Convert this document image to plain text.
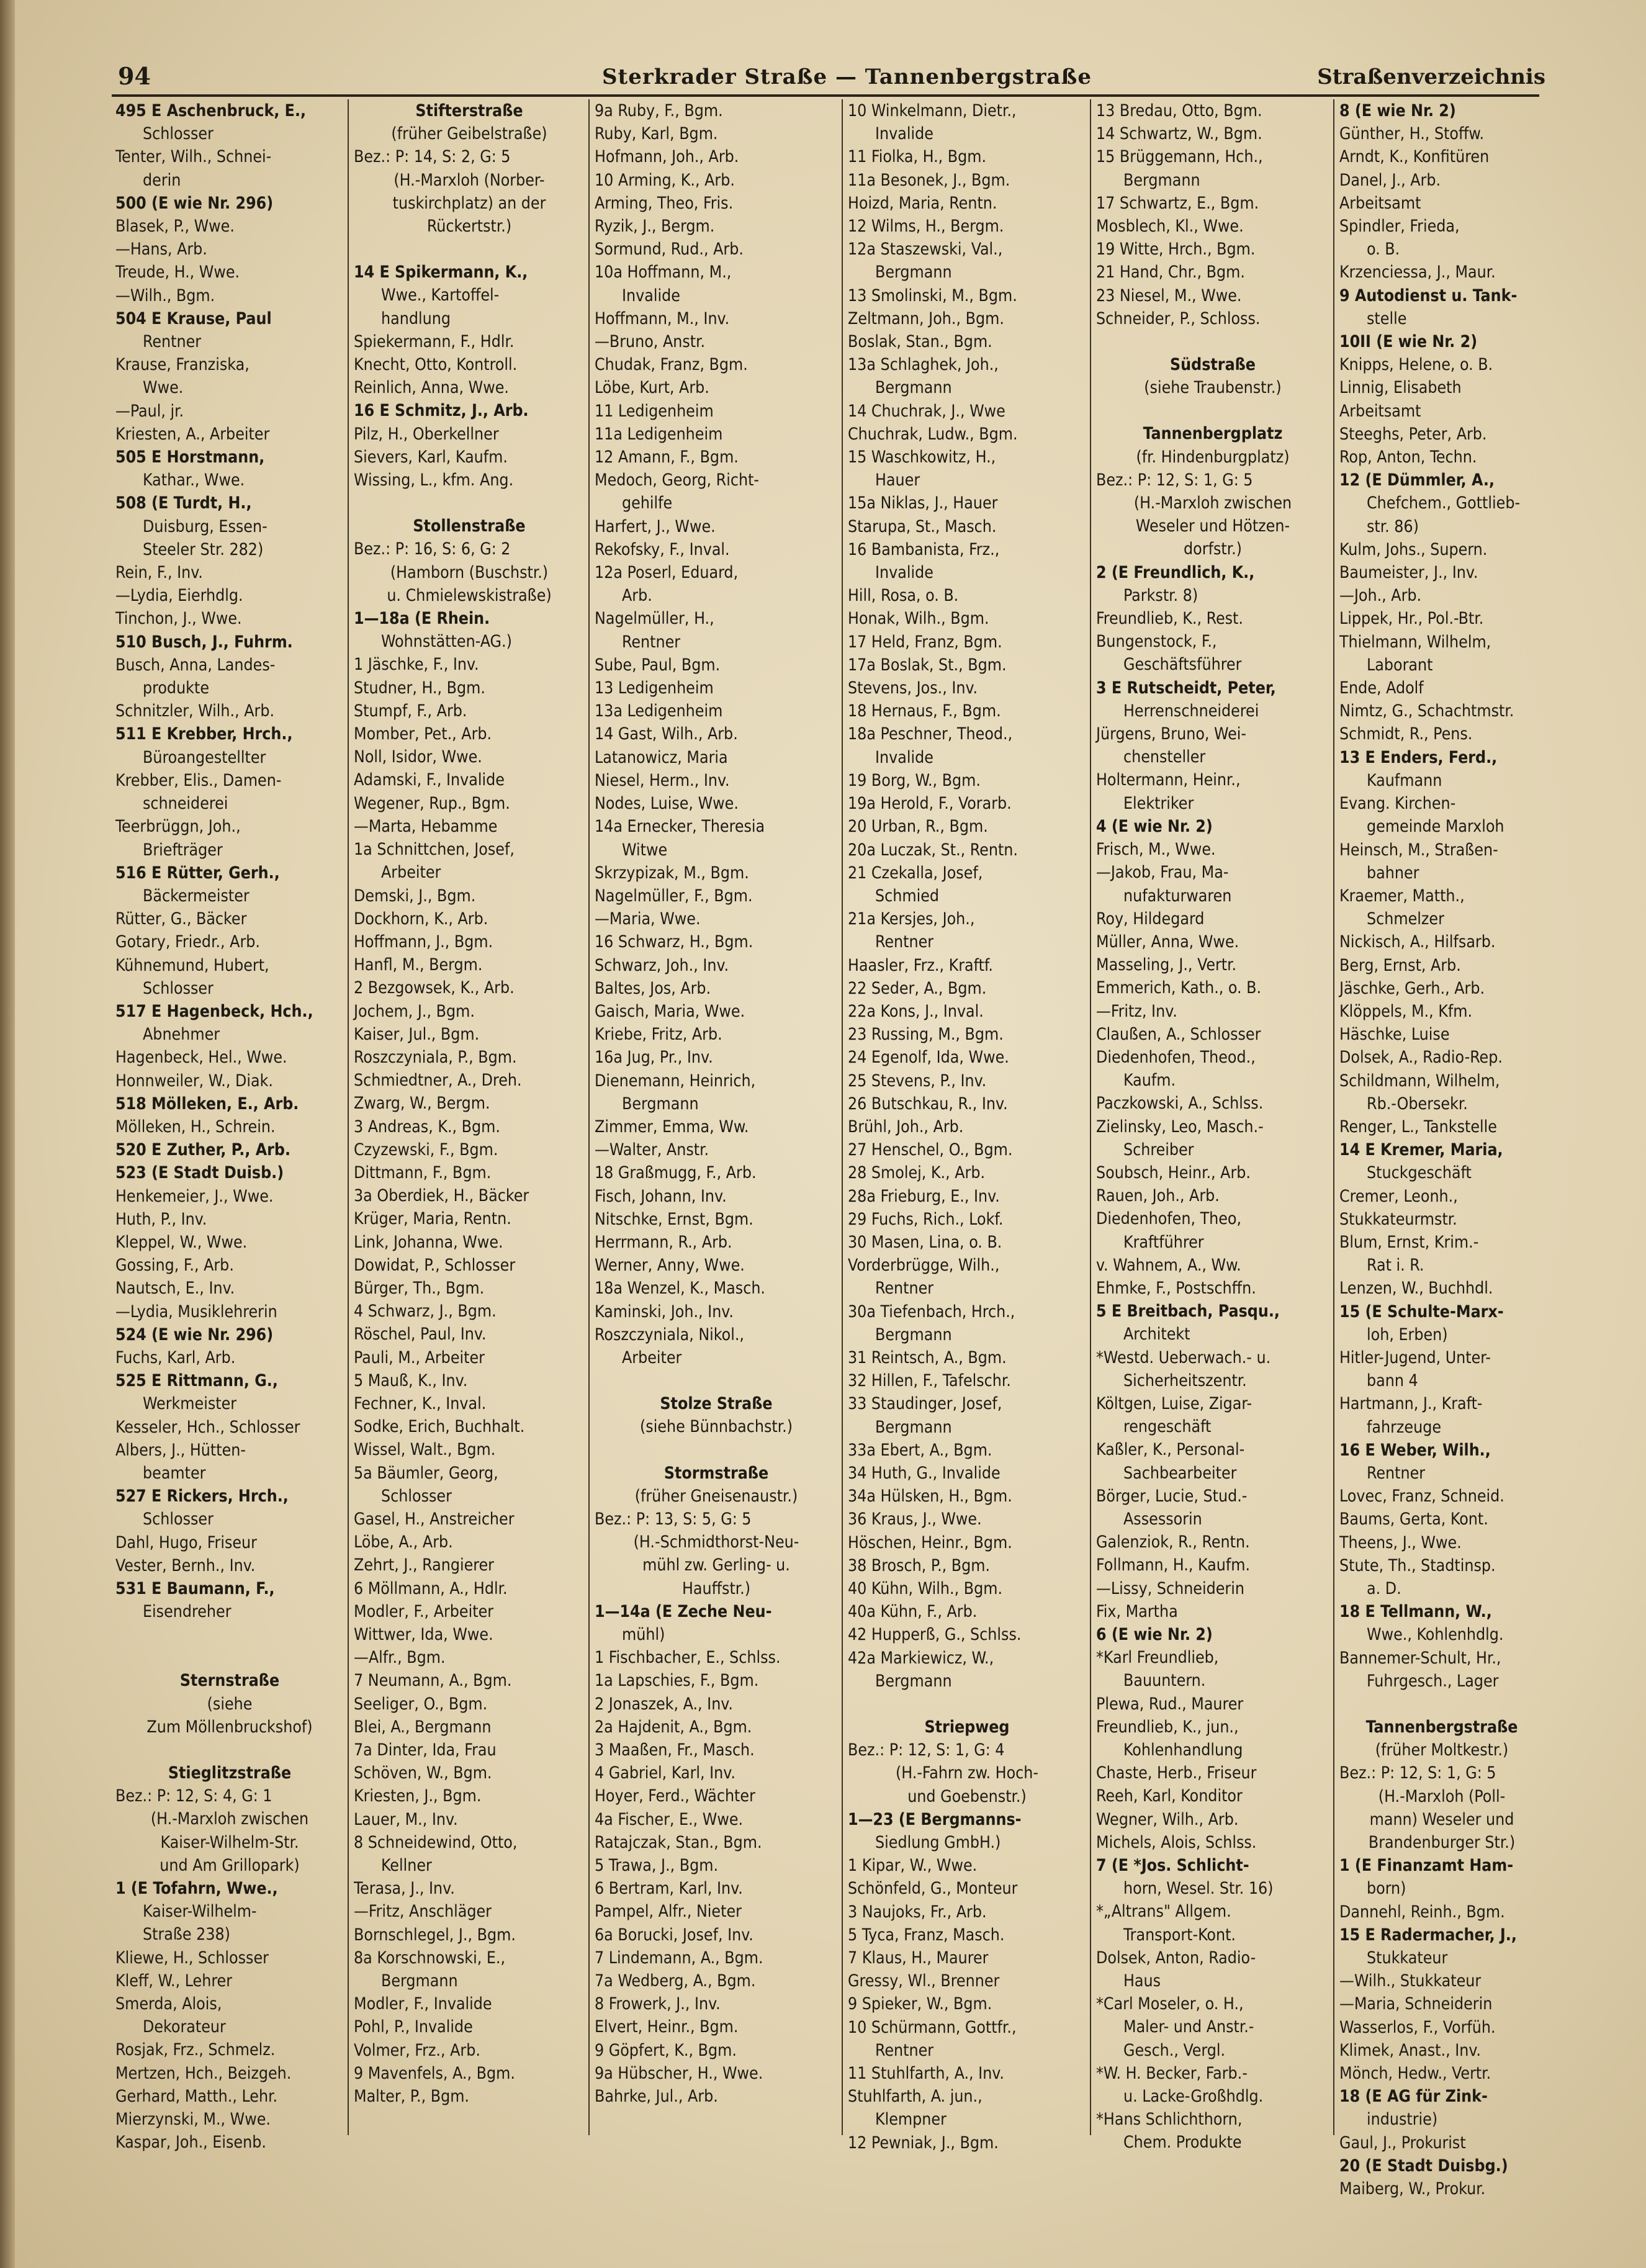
94	Sterkrader Straße — Tannenbergstraße	Straßenverzeichnis
495 E Aschenbruck, E.,
Schlosser
Tenter, Wilh., Schnei-
derin
500 (E wie Nr. 296)
Blasek, P., Wwe.
—Hans, Arb.
Treude, H., Wwe.
—Wilh., Bgm.
504 E Krause, Paul
Rentner
Krause, Franziska,
Wwe.
—Paul, jr.
Kriesten, A., Arbeiter
505 E Horstmann,
Kathar., Wwe.
508 (E Turdt, H.,
Duisburg, Essen-
Steeler Str. 282)
Rein, F., Inv.
—Lydia, Eierhdlg.
Tinchon, J., Wwe.
510 Busch, J., Fuhrm.
Busch, Anna, Landes-
produkte
Schnitzler, Wilh., Arb.
511 E Krebber, Hrch.,
Büroangestellter
Krebber, Elis., Damen-
schneiderei
Teerbrüggn, Joh.,
Briefträger
516 E Rütter, Gerh.,
Bäckermeister
Rütter, G., Bäcker
Gotary, Friedr., Arb.
Kühnemund, Hubert,
Schlosser
517 E Hagenbeck, Hch.,
Abnehmer
Hagenbeck, Hel., Wwe.
Honnweiler, W., Diak.
518 Mölleken, E., Arb.
Mölleken, H., Schrein.
520 E Zuther, P., Arb.
523 (E Stadt Duisb.)
Henkemeier, J., Wwe.
Huth, P., Inv.
Kleppel, W., Wwe.
Gossing, F., Arb.
Nautsch, E., Inv.
—Lydia, Musiklehrerin
524 (E wie Nr. 296)
Fuchs, Karl, Arb.
525 E Rittmann, G.,
Werkmeister
Kesseler, Hch., Schlosser
Albers, J., Hütten-
beamter
527 E Rickers, Hrch.,
Schlosser
Dahl, Hugo, Friseur
Vester, Bernh., Inv.
531 E Baumann, F.,
Eisendreher
Sternstraße
(siehe
Zum Möllenbruckshof)
Stieglitzstraße
Bez.: P: 12, S: 4, G: 1
(H.-Marxloh zwischen
Kaiser-Wilhelm-Str.
und Am Grillopark)
1 (E Tofahrn, Wwe.,
Kaiser-Wilhelm-
Straße 238)
Kliewe, H., Schlosser
Kleff, W., Lehrer
Smerda, Alois,
Dekorateur
Rosjak, Frz., Schmelz.
Mertzen, Hch., Beizgeh.
Gerhard, Matth., Lehr.
Mierzynski, M., Wwe.
Kaspar, Joh., Eisenb.
Stifterstraße
(früher Geibelstraße)
Bez.: P: 14, S: 2, G: 5
(H.-Marxloh (Norber-
tuskirchplatz) an der
Rückertstr.)
14 E Spikermann, K.,
Wwe., Kartoffel-
handlung
Spiekermann, F., Hdlr.
Knecht, Otto, Kontroll.
Reinlich, Anna, Wwe.
16 E Schmitz, J., Arb.
Pilz, H., Oberkellner
Sievers, Karl, Kaufm.
Wissing, L., kfm. Ang.
Stollenstraße
Bez.: P: 16, S: 6, G: 2
(Hamborn (Buschstr.)
u. Chmielewskistraße)
1—18a (E Rhein.
Wohnstätten-AG.)
1 Jäschke, F., Inv.
Studner, H., Bgm.
Stumpf, F., Arb.
Momber, Pet., Arb.
Noll, Isidor, Wwe.
Adamski, F., Invalide
Wegener, Rup., Bgm.
—Marta, Hebamme
1a Schnittchen, Josef,
Arbeiter
Demski, J., Bgm.
Dockhorn, K., Arb.
Hoffmann, J., Bgm.
Hanfl, M., Bergm.
2 Bezgowsek, K., Arb.
Jochem, J., Bgm.
Kaiser, Jul., Bgm.
Roszczyniala, P., Bgm.
Schmiedtner, A., Dreh.
Zwarg, W., Bergm.
3 Andreas, K., Bgm.
Czyzewski, F., Bgm.
Dittmann, F., Bgm.
3a Oberdiek, H., Bäcker
Krüger, Maria, Rentn.
Link, Johanna, Wwe.
Dowidat, P., Schlosser
Bürger, Th., Bgm.
4 Schwarz, J., Bgm.
Röschel, Paul, Inv.
Pauli, M., Arbeiter
5 Mauß, K., Inv.
Fechner, K., Inval.
Sodke, Erich, Buchhalt.
Wissel, Walt., Bgm.
5a Bäumler, Georg,
Schlosser
Gasel, H., Anstreicher
Löbe, A., Arb.
Zehrt, J., Rangierer
6 Möllmann, A., Hdlr.
Modler, F., Arbeiter
Wittwer, Ida, Wwe.
—Alfr., Bgm.
7 Neumann, A., Bgm.
Seeliger, O., Bgm.
Blei, A., Bergmann
7a Dinter, Ida, Frau
Schöven, W., Bgm.
Kriesten, J., Bgm.
Lauer, M., Inv.
8 Schneidewind, Otto,
Kellner
Terasa, J., Inv.
—Fritz, Anschläger
Bornschlegel, J., Bgm.
8a Korschnowski, E.,
Bergmann
Modler, F., Invalide
Pohl, P., Invalide
Volmer, Frz., Arb.
9 Mavenfels, A., Bgm.
Malter, P., Bgm.
9a Ruby, F., Bgm.
Ruby, Karl, Bgm.
Hofmann, Joh., Arb.
10 Arming, K., Arb.
Arming, Theo, Fris.
Ryzik, J., Bergm.
Sormund, Rud., Arb.
10a Hoffmann, M.,
Invalide
Hoffmann, M., Inv.
—Bruno, Anstr.
Chudak, Franz, Bgm.
Löbe, Kurt, Arb.
11 Ledigenheim
11a Ledigenheim
12 Amann, F., Bgm.
Medoch, Georg, Richt-
gehilfe
Harfert, J., Wwe.
Rekofsky, F., Inval.
12a Poserl, Eduard,
Arb.
Nagelmüller, H.,
Rentner
Sube, Paul, Bgm.
13 Ledigenheim
13a Ledigenheim
14 Gast, Wilh., Arb.
Latanowicz, Maria
Niesel, Herm., Inv.
Nodes, Luise, Wwe.
14a Ernecker, Theresia
Witwe
Skrzypizak, M., Bgm.
Nagelmüller, F., Bgm.
—Maria, Wwe.
16 Schwarz, H., Bgm.
Schwarz, Joh., Inv.
Baltes, Jos, Arb.
Gaisch, Maria, Wwe.
Kriebe, Fritz, Arb.
16a Jug, Pr., Inv.
Dienemann, Heinrich,
Bergmann
Zimmer, Emma, Ww.
—Walter, Anstr.
18 Graßmugg, F., Arb.
Fisch, Johann, Inv.
Nitschke, Ernst, Bgm.
Herrmann, R., Arb.
Werner, Anny, Wwe.
18a Wenzel, K., Masch.
Kaminski, Joh., Inv.
Roszczyniala, Nikol.,
Arbeiter
Stolze Straße
(siehe Bünnbachstr.)
Stormstraße
(früher Gneisenaustr.)
Bez.: P: 13, S: 5, G: 5
(H.-Schmidthorst-Neu-
mühl zw. Gerling- u.
Hauffstr.)
1—14a (E Zeche Neu-
mühl)
1 Fischbacher, E., Schlss.
1a Lapschies, F., Bgm.
2 Jonaszek, A., Inv.
2a Hajdenit, A., Bgm.
3 Maaßen, Fr., Masch.
4 Gabriel, Karl, Inv.
Hoyer, Ferd., Wächter
4a Fischer, E., Wwe.
Ratajczak, Stan., Bgm.
5 Trawa, J., Bgm.
6 Bertram, Karl, Inv.
Pampel, Alfr., Nieter
6a Borucki, Josef, Inv.
7 Lindemann, A., Bgm.
7a Wedberg, A., Bgm.
8 Frowerk, J., Inv.
Elvert, Heinr., Bgm.
9 Göpfert, K., Bgm.
9a Hübscher, H., Wwe.
Bahrke, Jul., Arb.
10 Winkelmann, Dietr.,
Invalide
11 Fiolka, H., Bgm.
11a Besonek, J., Bgm.
Hoizd, Maria, Rentn.
12 Wilms, H., Bergm.
12a Staszewski, Val.,
Bergmann
13 Smolinski, M., Bgm.
Zeltmann, Joh., Bgm.
Boslak, Stan., Bgm.
13a Schlaghek, Joh.,
Bergmann
14 Chuchrak, J., Wwe
Chuchrak, Ludw., Bgm.
15 Waschkowitz, H.,
Hauer
15a Niklas, J., Hauer
Starupa, St., Masch.
16 Bambanista, Frz.,
Invalide
Hill, Rosa, o. B.
Honak, Wilh., Bgm.
17 Held, Franz, Bgm.
17a Boslak, St., Bgm.
Stevens, Jos., Inv.
18 Hernaus, F., Bgm.
18a Peschner, Theod.,
Invalide
19 Borg, W., Bgm.
19a Herold, F., Vorarb.
20 Urban, R., Bgm.
20a Luczak, St., Rentn.
21 Czekalla, Josef,
Schmied
21a Kersjes, Joh.,
Rentner
Haasler, Frz., Kraftf.
22 Seder, A., Bgm.
22a Kons, J., Inval.
23 Russing, M., Bgm.
24 Egenolf, Ida, Wwe.
25 Stevens, P., Inv.
26 Butschkau, R., Inv.
Brühl, Joh., Arb.
27 Henschel, O., Bgm.
28 Smolej, K., Arb.
28a Frieburg, E., Inv.
29 Fuchs, Rich., Lokf.
30 Masen, Lina, o. B.
Vorderbrügge, Wilh.,
Rentner
30a Tiefenbach, Hrch.,
Bergmann
31 Reintsch, A., Bgm.
32 Hillen, F., Tafelschr.
33 Staudinger, Josef,
Bergmann
33a Ebert, A., Bgm.
34 Huth, G., Invalide
34a Hülsken, H., Bgm.
36 Kraus, J., Wwe.
Höschen, Heinr., Bgm.
38 Brosch, P., Bgm.
40 Kühn, Wilh., Bgm.
40a Kühn, F., Arb.
42 Hupperß, G., Schlss.
42a Markiewicz, W.,
Bergmann
Striepweg
Bez.: P: 12, S: 1, G: 4
(H.-Fahrn zw. Hoch-
und Goebenstr.)
1—23 (E Bergmanns-
Siedlung GmbH.)
1 Kipar, W., Wwe.
Schönfeld, G., Monteur
3 Naujoks, Fr., Arb.
5 Tyca, Franz, Masch.
7 Klaus, H., Maurer
Gressy, Wl., Brenner
9 Spieker, W., Bgm.
10 Schürmann, Gottfr.,
Rentner
11 Stuhlfarth, A., Inv.
Stuhlfarth, A. jun.,
Klempner
12 Pewniak, J., Bgm.
13 Bredau, Otto, Bgm.
14 Schwartz, W., Bgm.
15 Brüggemann, Hch.,
Bergmann
17 Schwartz, E., Bgm.
Mosblech, Kl., Wwe.
19 Witte, Hrch., Bgm.
21 Hand, Chr., Bgm.
23 Niesel, M., Wwe.
Schneider, P., Schloss.
Südstraße
(siehe Traubenstr.)
Tannenbergplatz
(fr. Hindenburgplatz)
Bez.: P: 12, S: 1, G: 5
(H.-Marxloh zwischen
Weseler und Hötzen-
dorfstr.)
2 (E Freundlich, K.,
Parkstr. 8)
Freundlieb, K., Rest.
Bungenstock, F.,
Geschäftsführer
3 E Rutscheidt, Peter,
Herrenschneiderei
Jürgens, Bruno, Wei-
chensteller
Holtermann, Heinr.,
Elektriker
4 (E wie Nr. 2)
Frisch, M., Wwe.
—Jakob, Frau, Ma-
nufakturwaren
Roy, Hildegard
Müller, Anna, Wwe.
Masseling, J., Vertr.
Emmerich, Kath., o. B.
—Fritz, Inv.
Claußen, A., Schlosser
Diedenhofen, Theod.,
Kaufm.
Paczkowski, A., Schlss.
Zielinsky, Leo, Masch.-
Schreiber
Soubsch, Heinr., Arb.
Rauen, Joh., Arb.
Diedenhofen, Theo,
Kraftführer
v. Wahnem, A., Ww.
Ehmke, F., Postschffn.
5 E Breitbach, Pasqu.,
Architekt
*Westd. Ueberwach.- u.
Sicherheitszentr.
Költgen, Luise, Zigar-
rengeschäft
Kaßler, K., Personal-
Sachbearbeiter
Börger, Lucie, Stud.-
Assessorin
Galenziok, R., Rentn.
Follmann, H., Kaufm.
—Lissy, Schneiderin
Fix, Martha
6 (E wie Nr. 2)
*Karl Freundlieb,
Bauuntern.
Plewa, Rud., Maurer
Freundlieb, K., jun.,
Kohlenhandlung
Chaste, Herb., Friseur
Reeh, Karl, Konditor
Wegner, Wilh., Arb.
Michels, Alois, Schlss.
7 (E *Jos. Schlicht-
horn, Wesel. Str. 16)
*„Altrans" Allgem.
Transport-Kont.
Dolsek, Anton, Radio-
Haus
*Carl Moseler, o. H.,
Maler- und Anstr.-
Gesch., Vergl.
*W. H. Becker, Farb.-
u. Lacke-Großhdlg.
*Hans Schlichthorn,
Chem. Produkte
8 (E wie Nr. 2)
Günther, H., Stoffw.
Arndt, K., Konfitüren
Danel, J., Arb.
Arbeitsamt
Spindler, Frieda,
o. B.
Krzenciessa, J., Maur.
9 Autodienst u. Tank-
stelle
10II (E wie Nr. 2)
Knipps, Helene, o. B.
Linnig, Elisabeth
Arbeitsamt
Steeghs, Peter, Arb.
Rop, Anton, Techn.
12 (E Dümmler, A.,
Chefchem., Gottlieb-
str. 86)
Kulm, Johs., Supern.
Baumeister, J., Inv.
—Joh., Arb.
Lippek, Hr., Pol.-Btr.
Thielmann, Wilhelm,
Laborant
Ende, Adolf
Nimtz, G., Schachtmstr.
Schmidt, R., Pens.
13 E Enders, Ferd.,
Kaufmann
Evang. Kirchen-
gemeinde Marxloh
Heinsch, M., Straßen-
bahner
Kraemer, Matth.,
Schmelzer
Nickisch, A., Hilfsarb.
Berg, Ernst, Arb.
Jäschke, Gerh., Arb.
Klöppels, M., Kfm.
Häschke, Luise
Dolsek, A., Radio-Rep.
Schildmann, Wilhelm,
Rb.-Obersekr.
Renger, L., Tankstelle
14 E Kremer, Maria,
Stuckgeschäft
Cremer, Leonh.,
Stukkateurmstr.
Blum, Ernst, Krim.-
Rat i. R.
Lenzen, W., Buchhdl.
15 (E Schulte-Marx-
loh, Erben)
Hitler-Jugend, Unter-
bann 4
Hartmann, J., Kraft-
fahrzeuge
16 E Weber, Wilh.,
Rentner
Lovec, Franz, Schneid.
Baums, Gerta, Kont.
Theens, J., Wwe.
Stute, Th., Stadtinsp.
a. D.
18 E Tellmann, W.,
Wwe., Kohlenhdlg.
Bannemer-Schult, Hr.,
Fuhrgesch., Lager
Tannenbergstraße
(früher Moltkestr.)
Bez.: P: 12, S: 1, G: 5
(H.-Marxloh (Poll-
mann) Weseler und
Brandenburger Str.)
1 (E Finanzamt Ham-
born)
Dannehl, Reinh., Bgm.
15 E Radermacher, J.,
Stukkateur
—Wilh., Stukkateur
—Maria, Schneiderin
Wasserlos, F., Vorfüh.
Klimek, Anast., Inv.
Mönch, Hedw., Vertr.
18 (E AG für Zink-
industrie)
Gaul, J., Prokurist
20 (E Stadt Duisbg.)
Maiberg, W., Prokur.
